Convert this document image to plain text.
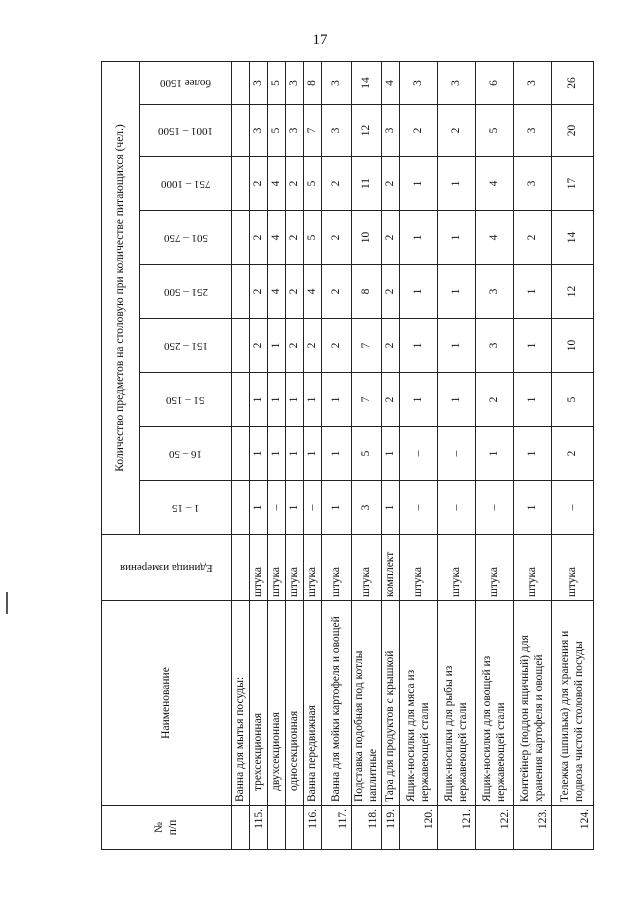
17
№
п/п	Наименование	Единица измерения	Количество предметов на столовую при количестве питающихся (чел.)								

			1 – 15	16 – 50	51 – 150	151 – 250	251 – 500	501 – 750	751 – 1000	1001 – 1500	более 1500

	Ванна для мытья посуды:										
115.	трехсекционная	штука	1	1	1	2	2	2	2	3	3
	двухсекционная	штука	–	1	1	1	4	4	4	5	5
	односекционная	штука	1	1	1	2	2	2	2	3	3
116.	Ванна передвижная	штука	–	1	1	2	4	5	5	7	8
117.	Ванна для мойки картофеля и овощей	штука	1	1	1	2	2	2	2	3	3
118.	Подставка подобная под котлы наплитные	штука	3	5	7	7	8	10	11	12	14
119.	Тара для продуктов с крышкой	комплект	1	1	2	2	2	2	2	3	4
120.	Ящик-носилки для мяса из нержавеющей стали	штука	–	–	1	1	1	1	1	2	3
121.	Ящик-носилки для рыбы из нержавеющей стали	штука	–	–	1	1	1	1	1	2	3
122.	Ящик-носилки для овощей из нержавеющей стали	штука	–	1	2	3	3	4	4	5	6
123.	Контейнер (поддон ящичный) для хранения картофеля и овощей	штука	1	1	1	1	1	2	3	3	3
124.	Тележка (шпилька) для хранения и подвоза чистой столовой посуды	штука	–	2	5	10	12	14	17	20	26
